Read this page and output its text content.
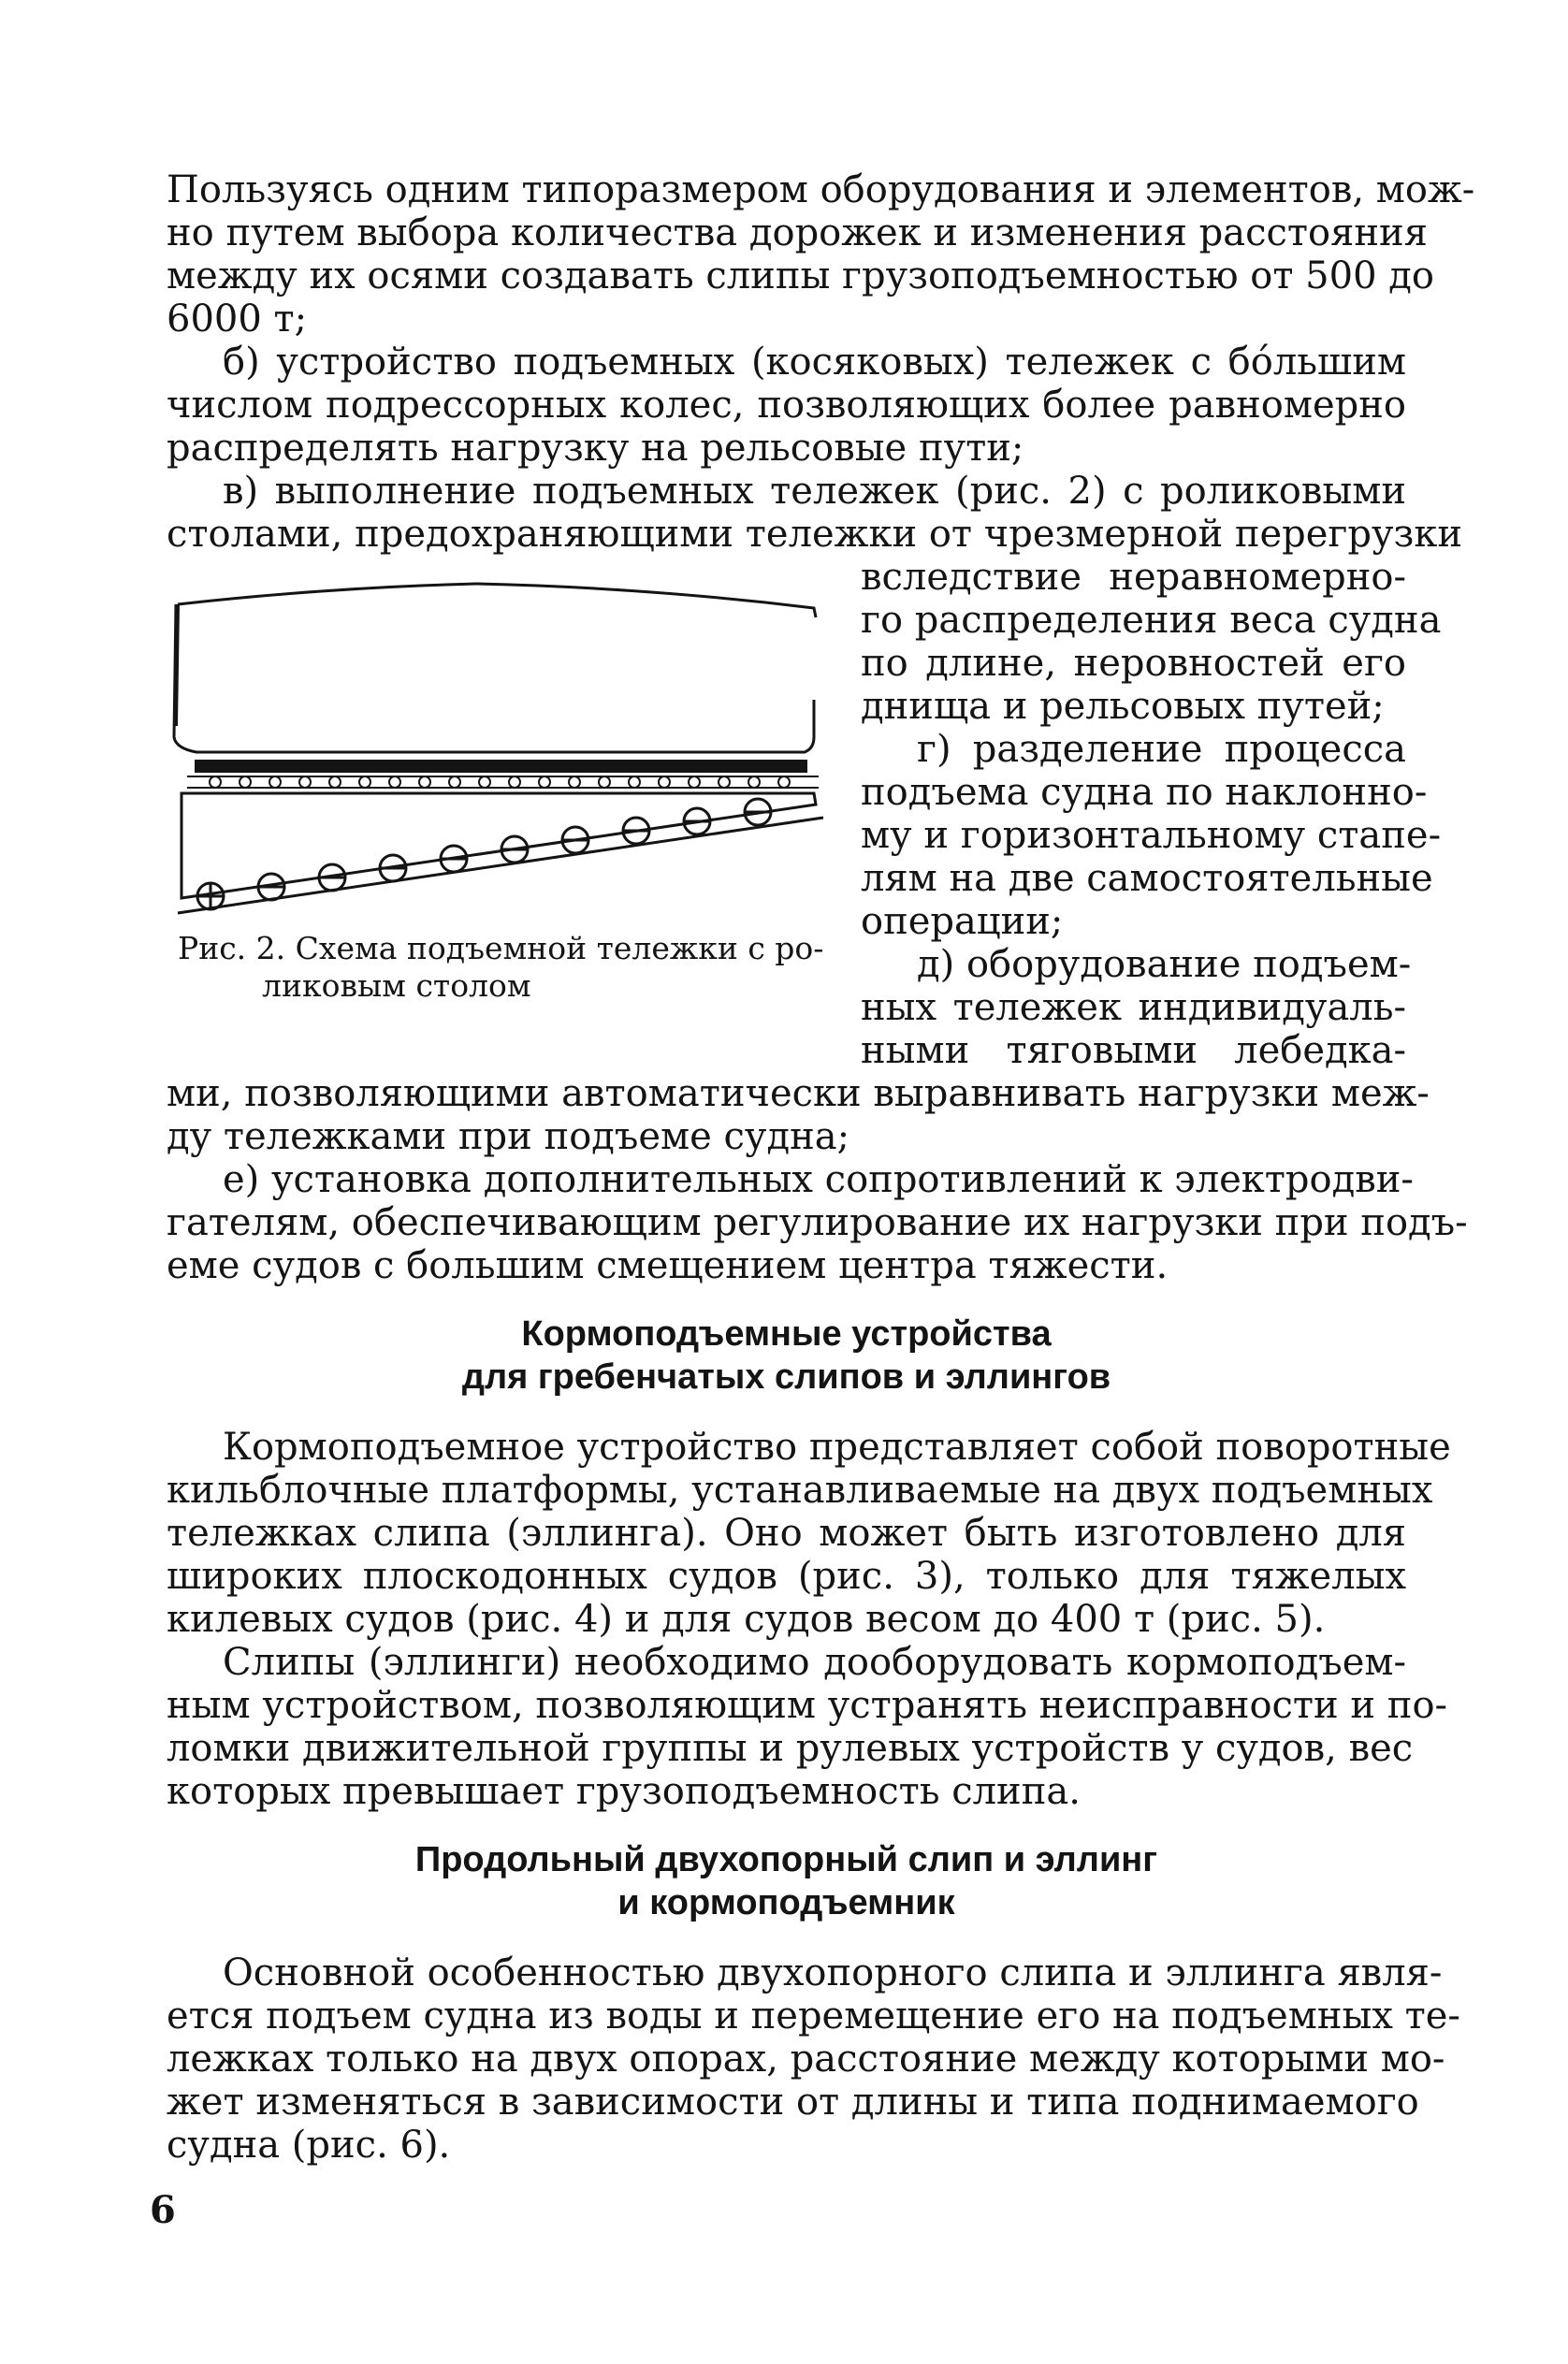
Пользуясь одним типоразмером оборудования и элементов, мож-
но путем выбора количества дорожек и изменения расстояния
между их осями создавать слипы грузоподъемностью от 500 до
6000 т;
б) устройство подъемных (косяковых) тележек с бо́льшим
числом подрессорных колес, позволяющих более равномерно
распределять нагрузку на рельсовые пути;
в) выполнение подъемных тележек (рис. 2) с роликовыми
столами, предохраняющими тележки от чрезмерной перегрузки
Рис. 2. Схема подъемной тележки с ро-
ликовым столом
вследствие неравномерно-
го распределения веса судна
по длине, неровностей его
днища и рельсовых путей;
г) разделение процесса
подъема судна по наклонно-
му и горизонтальному стапе-
лям на две самостоятельные
операции;
д) оборудование подъем-
ных тележек индивидуаль-
ными тяговыми лебедка-
ми, позволяющими автоматически выравнивать нагрузки меж-
ду тележками при подъеме судна;
е) установка дополнительных сопротивлений к электродви-
гателям, обеспечивающим регулирование их нагрузки при подъ-
еме судов с большим смещением центра тяжести.
Кормоподъемные устройства
для гребенчатых слипов и эллингов
Кормоподъемное устройство представляет собой поворотные
кильблочные платформы, устанавливаемые на двух подъемных
тележках слипа (эллинга). Оно может быть изготовлено для
широких плоскодонных судов (рис. 3), только для тяжелых
килевых судов (рис. 4) и для судов весом до 400 т (рис. 5).
Слипы (эллинги) необходимо дооборудовать кормоподъем-
ным устройством, позволяющим устранять неисправности и по-
ломки движительной группы и рулевых устройств у судов, вес
которых превышает грузоподъемность слипа.
Продольный двухопорный слип и эллинг
и кормоподъемник
Основной особенностью двухопорного слипа и эллинга явля-
ется подъем судна из воды и перемещение его на подъемных те-
лежках только на двух опорах, расстояние между которыми мо-
жет изменяться в зависимости от длины и типа поднимаемого
судна (рис. 6).
6
